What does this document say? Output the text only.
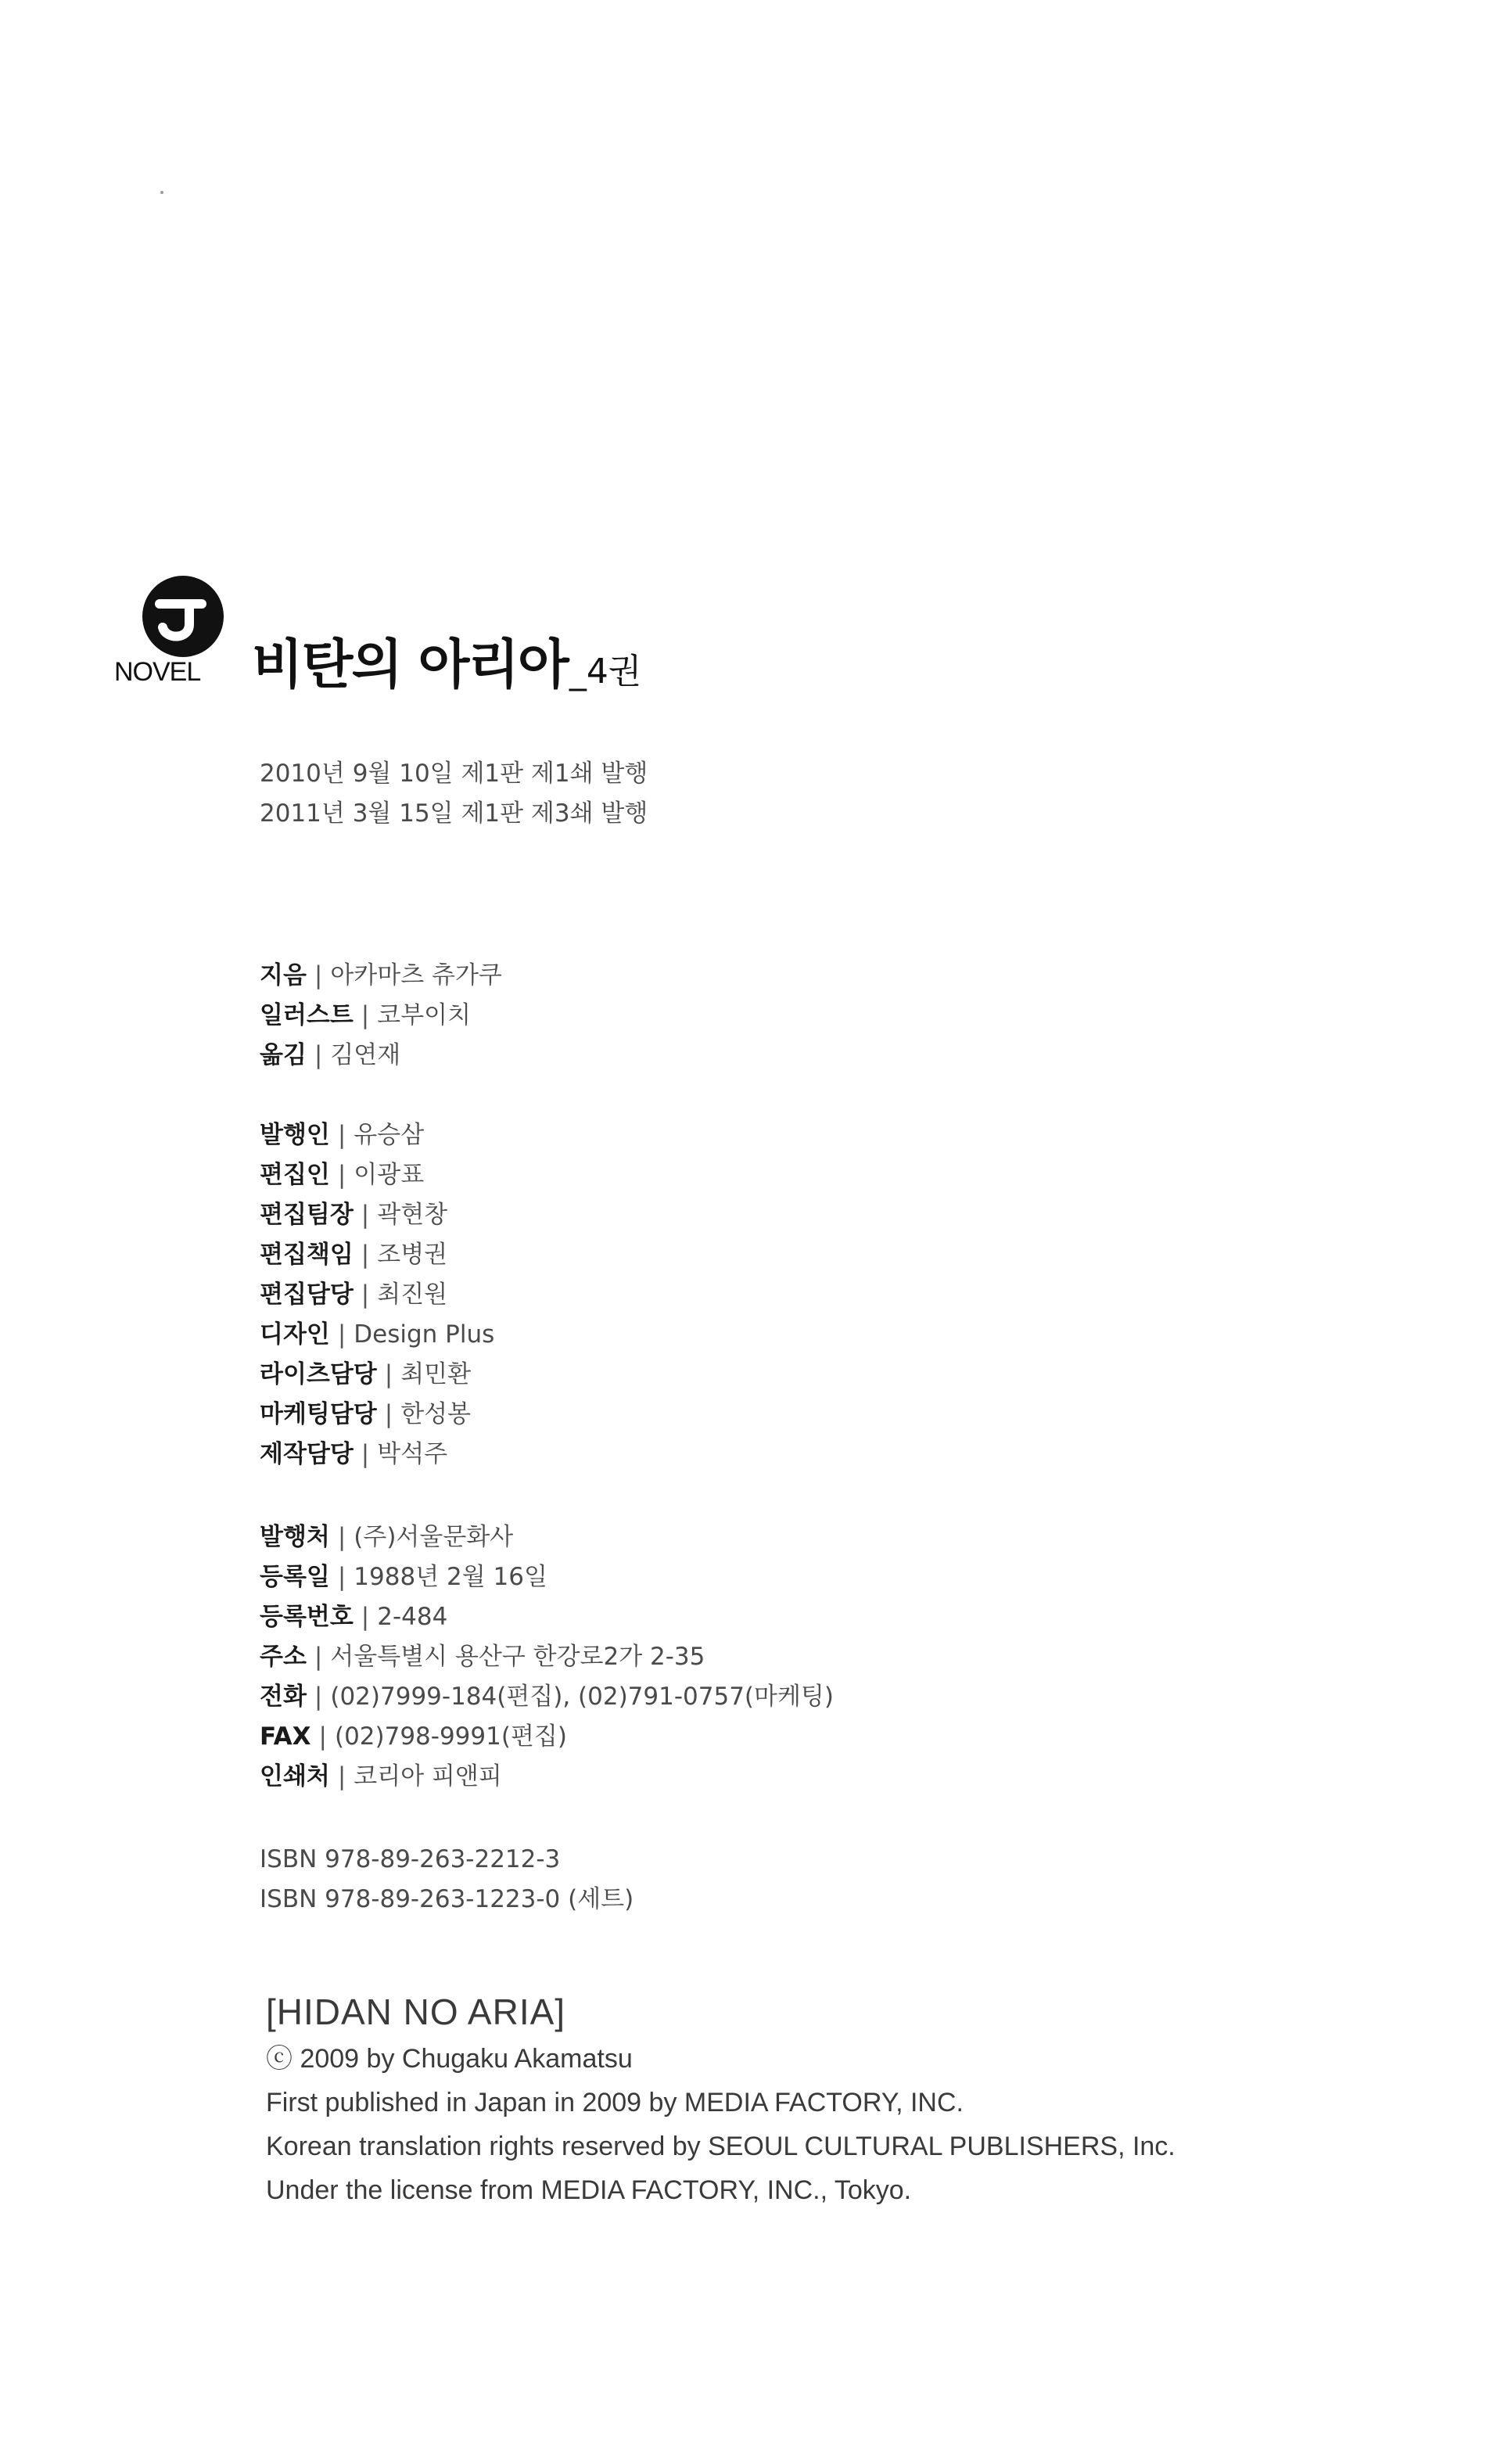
NOVEL 비탄의 아리아_4권
2010년 9월 10일 제1판 제1쇄 발행
2011년 3월 15일 제1판 제3쇄 발행
지음 | 아카마츠 츄가쿠
일러스트 | 코부이치
옮김 | 김연재
발행인 | 유승삼
편집인 | 이광표
편집팀장 | 곽현창
편집책임 | 조병권
편집담당 | 최진원
디자인 | Design Plus
라이츠담당 | 최민환
마케팅담당 | 한성봉
제작담당 | 박석주
발행처 | (주)서울문화사
등록일 | 1988년 2월 16일
등록번호 | 2-484
주소 | 서울특별시 용산구 한강로2가 2-35
전화 | (02)7999-184(편집), (02)791-0757(마케팅)
FAX | (02)798-9991(편집)
인쇄처 | 코리아 피앤피
ISBN 978-89-263-2212-3
ISBN 978-89-263-1223-0 (세트)
[HIDAN NO ARIA]
ⓒ 2009 by Chugaku Akamatsu
First published in Japan in 2009 by MEDIA FACTORY, INC.
Korean translation rights reserved by SEOUL CULTURAL PUBLISHERS, Inc.
Under the license from MEDIA FACTORY, INC., Tokyo.
